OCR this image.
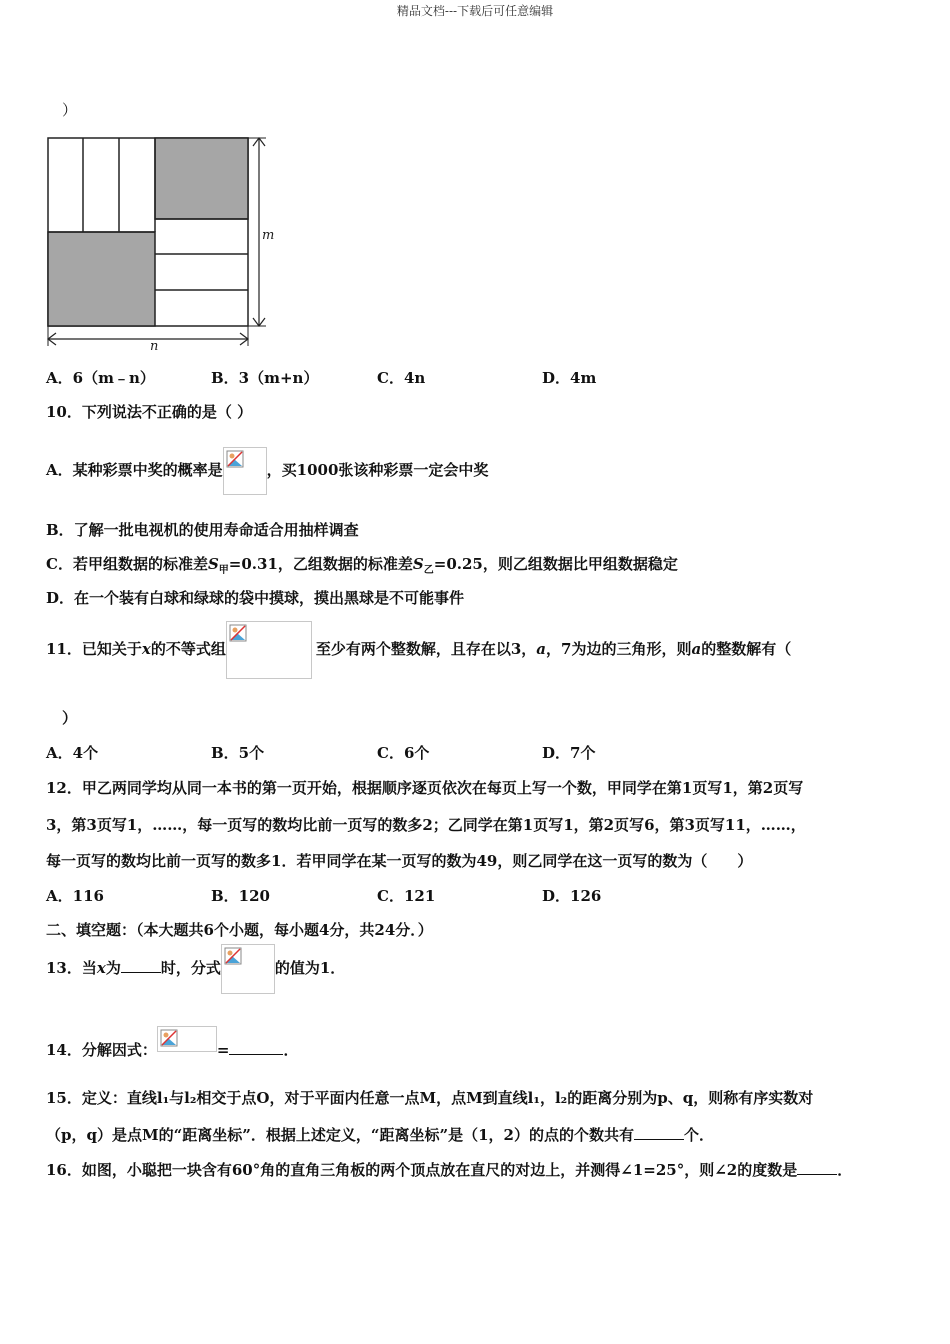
精品文档---下载后可任意编辑
）
m
n
A．6（m﹣n）	B．3（m+n）	C．4n	D．4m
10．下列说法不正确的是（ ）
A．某种彩票中奖的概率是	，买1000张该种彩票一定会中奖
B．了解一批电视机的使用寿命适合用抽样调查
C．若甲组数据的标准差$S_甲=0.31$，乙组数据的标准差$S_乙=0.25$，则乙组数据比甲组数据稳定
D．在一个装有白球和绿球的袋中摸球，摸出黑球是不可能事件
11．已知关于x的不等式组	至少有两个整数解，且存在以3，a，7为边的三角形，则a的整数解有（
）
A．4个	B．5个	C．6个	D．7个
12．甲乙两同学均从同一本书的第一页开始，根据顺序逐页依次在每页上写一个数，甲同学在第1页写1，第2页写
3，第3页写1，……，每一页写的数均比前一页写的数多2；乙同学在第1页写1，第2页写6，第3页写11，……，
每一页写的数均比前一页写的数多1．若甲同学在某一页写的数为49，则乙同学在这一页写的数为（　　）
A．116	B．120	C．121	D．126
二、填空题：（本大题共6个小题，每小题4分，共24分．）
13．当x为	时，分式	的值为1．
14．分解因式：	=	．
15．定义：直线l₁与l₂相交于点O，对于平面内任意一点M，点M到直线l₁，l₂的距离分别为p、q，则称有序实数对
（p，q）是点M的“距离坐标”．根据上述定义，“距离坐标”是（1，2）的点的个数共有	个．
16．如图，小聪把一块含有60°角的直角三角板的两个顶点放在直尺的对边上，并测得∠1=25°，则∠2的度数是	．
